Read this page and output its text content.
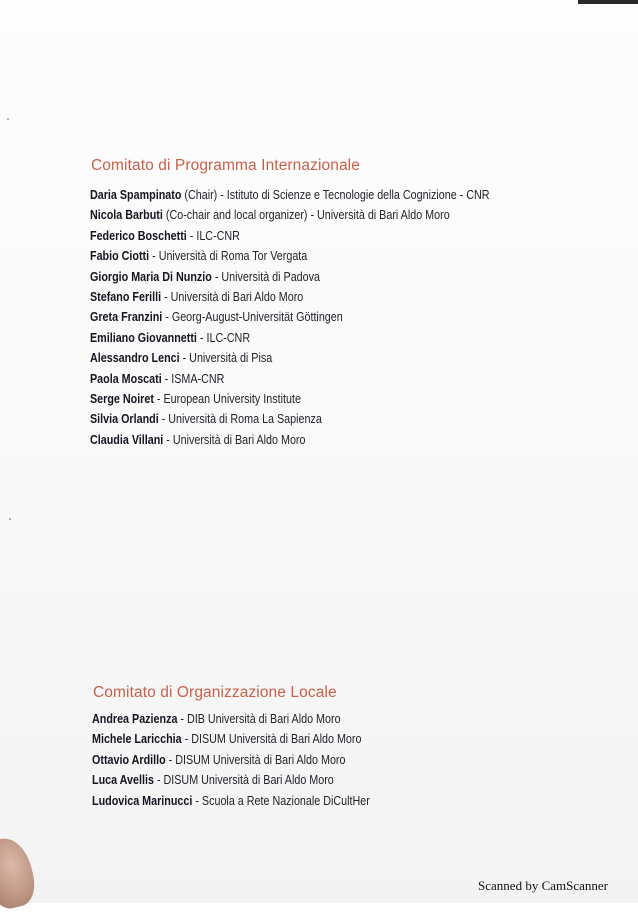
Comitato di Programma Internazionale
Daria Spampinato (Chair) - Istituto di Scienze e Tecnologie della Cognizione - CNR
Nicola Barbuti (Co-chair and local organizer) - Università di Bari Aldo Moro
Federico Boschetti - ILC-CNR
Fabio Ciotti - Università di Roma Tor Vergata
Giorgio Maria Di Nunzio - Università di Padova
Stefano Ferilli - Università di Bari Aldo Moro
Greta Franzini - Georg-August-Universität Göttingen
Emiliano Giovannetti - ILC-CNR
Alessandro Lenci - Università di Pisa
Paola Moscati - ISMA-CNR
Serge Noiret - European University Institute
Silvia Orlandi - Università di Roma La Sapienza
Claudia Villani - Università di Bari Aldo Moro
Comitato di Organizzazione Locale
Andrea Pazienza - DIB Università di Bari Aldo Moro
Michele Laricchia - DISUM Università di Bari Aldo Moro
Ottavio Ardillo - DISUM Università di Bari Aldo Moro
Luca Avellis - DISUM Università di Bari Aldo Moro
Ludovica Marinucci - Scuola a Rete Nazionale DiCultHer
Scanned by CamScanner
